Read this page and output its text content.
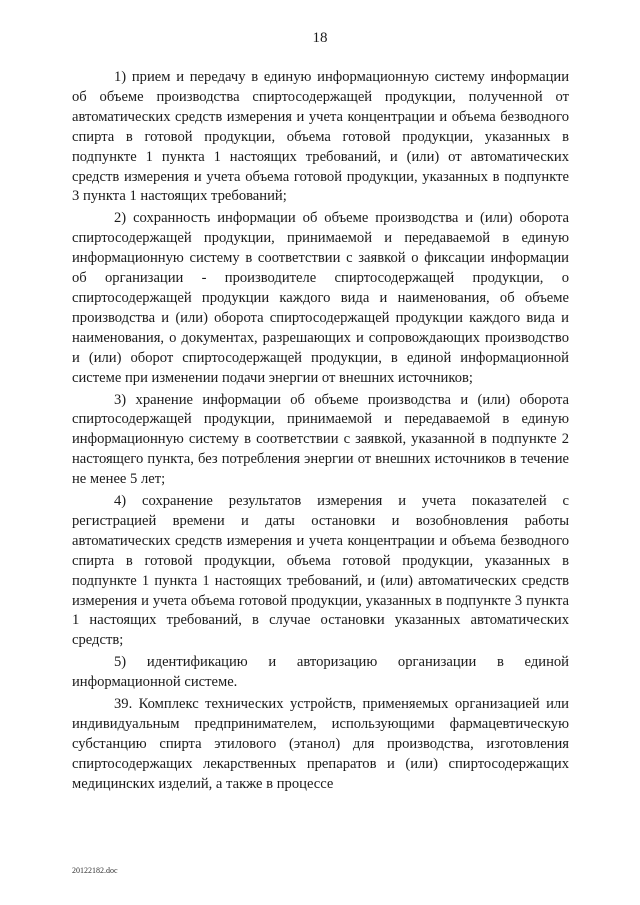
18

1) прием и передачу в единую информационную систему информации об объеме производства спиртосодержащей продукции, полученной от автоматических средств измерения и учета концентрации и объема безводного спирта в готовой продукции, объема готовой продукции, указанных в подпункте 1 пункта 1 настоящих требований, и (или) от автоматических средств измерения и учета объема готовой продукции, указанных в подпункте 3 пункта 1 настоящих требований;

2) сохранность информации об объеме производства и (или) оборота спиртосодержащей продукции, принимаемой и передаваемой в единую информационную систему в соответствии с заявкой о фиксации информации об организации - производителе спиртосодержащей продукции, о спиртосодержащей продукции каждого вида и наименования, об объеме производства и (или) оборота спиртосодержащей продукции каждого вида и наименования, о документах, разрешающих и сопровождающих производство и (или) оборот спиртосодержащей продукции, в единой информационной системе при изменении подачи энергии от внешних источников;

3) хранение информации об объеме производства и (или) оборота спиртосодержащей продукции, принимаемой и передаваемой в единую информационную систему в соответствии с заявкой, указанной в подпункте 2 настоящего пункта, без потребления энергии от внешних источников в течение не менее 5 лет;

4) сохранение результатов измерения и учета показателей с регистрацией времени и даты остановки и возобновления работы автоматических средств измерения и учета концентрации и объема безводного спирта в готовой продукции, объема готовой продукции, указанных в подпункте 1 пункта 1 настоящих требований, и (или) автоматических средств измерения и учета объема готовой продукции, указанных в подпункте 3 пункта 1 настоящих требований, в случае остановки указанных автоматических средств;

5) идентификацию и авторизацию организации в единой информационной системе.

39. Комплекс технических устройств, применяемых организацией или индивидуальным предпринимателем, использующими фармацевтическую субстанцию спирта этилового (этанол) для производства, изготовления спиртосодержащих лекарственных препаратов и (или) спиртосодержащих медицинских изделий, а также в процессе

20122182.doc
